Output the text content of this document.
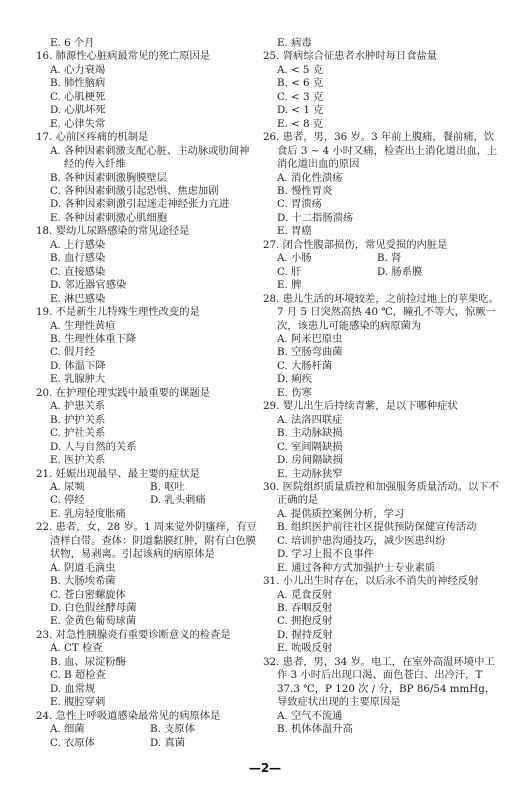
E. 6 个月
16. 肺源性心脏病最常见的死亡原因是
A. 心力衰竭
B. 肺性脑病
C. 心肌梗死
D. 心肌坏死
E. 心律失常
17. 心前区疼痛的机制是
A. 各种因素刺激支配心脏、主动脉或肋间神经的传入纤维
B. 各种因素刺激胸膜壁层
C. 各种因素刺激引起恐惧、焦虑加剧
D. 各种因素刺激引起迷走神经张力亢进
E. 各种因素刺激心肌细胞
18. 婴幼儿尿路感染的常见途径是
A. 上行感染
B. 血行感染
C. 直接感染
D. 邻近器官感染
E. 淋巴感染
19. 不是新生儿特殊生理性改变的是
A. 生理性黄疸
B. 生理性体重下降
C. 假月经
D. 体温下降
E. 乳腺肿大
20. 在护理伦理实践中最重要的课题是
A. 护患关系
B. 护护关系
C. 护社关系
D. 人与自然的关系
E. 医护关系
21. 妊娠出现最早、最主要的症状是
A. 尿频	B. 呕吐
C. 停经	D. 乳头刺痛
E. 乳房轻度胀痛
22. 患者，女，28 岁。1 周来觉外阴瘙痒，有豆渣样白带。查体：阴道黏膜红肿，附有白色膜状物，易剥离。引起该病的病原体是
A. 阴道毛滴虫
B. 大肠埃希菌
C. 苍白密螺旋体
D. 白色假丝酵母菌
E. 金黄色葡萄球菌
23. 对急性胰腺炎有重要诊断意义的检查是
A. CT 检查
B. 血、尿淀粉酶
C. B 超检查
D. 血常规
E. 腹腔穿刺
24. 急性上呼吸道感染最常见的病原体是
A. 细菌	B. 支原体
C. 衣原体	D. 真菌
E. 病毒
25. 肾病综合征患者水肿时每日食盐量
A. < 5 克
B. < 6 克
C. < 3 克
D. < 1 克
E. < 8 克
26. 患者，男，36 岁。3 年前上腹痛，餐前痛，饮食后 3 ~ 4 小时又痛，检查出上消化道出血，上消化道出血的原因
A. 消化性溃疡
B. 慢性胃炎
C. 胃溃疡
D. 十二指肠溃疡
E. 胃癌
27. 闭合性腹部损伤，常见受损的内脏是
A. 小肠	B. 肾
C. 肝	D. 肠系膜
E. 脾
28. 患儿生活的环境较差，之前捡过地上的苹果吃。7 月 5 日突然高热 40 ℃，瞳孔不等大，惊厥一次，该患儿可能感染的病原菌为
A. 阿米巴原虫
B. 空肠弯曲菌
C. 大肠杆菌
D. 痢疾
E. 伤寒
29. 婴儿出生后持续青紫，是以下哪种症状
A. 法洛四联症
B. 主动脉缺损
C. 室间隔缺损
D. 房间隔缺损
E. 主动脉狭窄
30. 医院组织质量质控和加强服务质量活动。以下不正确的是
A. 提供质控案例分析，学习
B. 组织医护前往社区提供预防保健宣传活动
C. 培训护患沟通技巧，减少医患纠纷
D. 学习上报不良事件
E. 通过各种方式加强护士专业素质
31. 小儿出生时存在，以后永不消失的神经反射
A. 觅食反射
B. 吞咽反射
C. 拥抱反射
D. 握持反射
E. 吮吸反射
32. 患者，男，34 岁。电工，在室外高温环境中工作 3 小时后出现口渴、面色苍白、出冷汗，T 37.3 ℃，P 120 次 / 分，BP 86/54 mmHg，导致症状出现的主要原因是
A. 空气不流通
B. 机体体温升高
—2—
